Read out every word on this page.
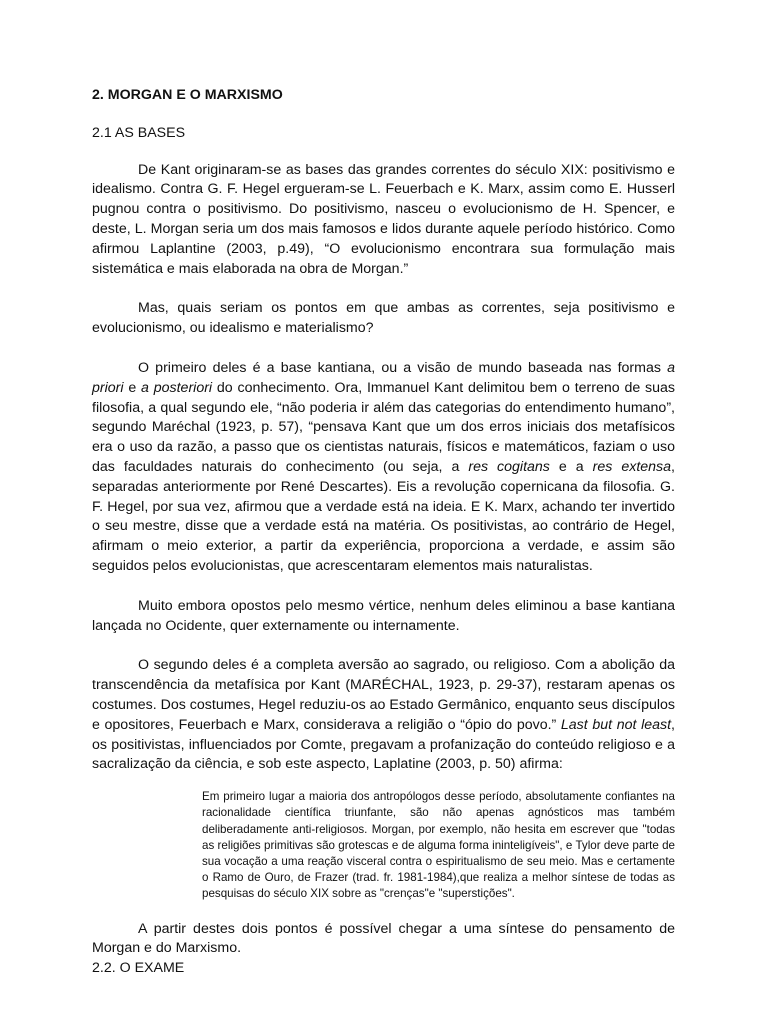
2. MORGAN E O MARXISMO

2.1 AS BASES

De Kant originaram-se as bases das grandes correntes do século XIX: positivismo e idealismo. Contra G. F. Hegel ergueram-se L. Feuerbach e K. Marx, assim como E. Husserl pugnou contra o positivismo. Do positivismo, nasceu o evolucionismo de H. Spencer, e deste, L. Morgan seria um dos mais famosos e lidos durante aquele período histórico. Como afirmou Laplantine (2003, p.49), “O evolucionismo encontrara sua formulação mais sistemática e mais elaborada na obra de Morgan.”

Mas, quais seriam os pontos em que ambas as correntes, seja positivismo e evolucionismo, ou idealismo e materialismo?

O primeiro deles é a base kantiana, ou a visão de mundo baseada nas formas a priori e a posteriori do conhecimento. Ora, Immanuel Kant delimitou bem o terreno de suas filosofia, a qual segundo ele, “não poderia ir além das categorias do entendimento humano”, segundo Maréchal (1923, p. 57), “pensava Kant que um dos erros iniciais dos metafísicos era o uso da razão, a passo que os cientistas naturais, físicos e matemáticos, faziam o uso das faculdades naturais do conhecimento (ou seja, a res cogitans e a res extensa, separadas anteriormente por René Descartes). Eis a revolução copernicana da filosofia. G. F. Hegel, por sua vez, afirmou que a verdade está na ideia. E K. Marx, achando ter invertido o seu mestre, disse que a verdade está na matéria. Os positivistas, ao contrário de Hegel, afirmam o meio exterior, a partir da experiência, proporciona a verdade, e assim são seguidos pelos evolucionistas, que acrescentaram elementos mais naturalistas.

Muito embora opostos pelo mesmo vértice, nenhum deles eliminou a base kantiana lançada no Ocidente, quer externamente ou internamente.

O segundo deles é a completa aversão ao sagrado, ou religioso. Com a abolição da transcendência da metafísica por Kant (MARÉCHAL, 1923, p. 29-37), restaram apenas os costumes. Dos costumes, Hegel reduziu-os ao Estado Germânico, enquanto seus discípulos e opositores, Feuerbach e Marx, considerava a religião o “ópio do povo.” Last but not least, os positivistas, influenciados por Comte, pregavam a profanização do conteúdo religioso e a sacralização da ciência, e sob este aspecto, Laplatine (2003, p. 50) afirma:

Em primeiro lugar a maioria dos antropólogos desse período, absolutamente confiantes na racionalidade científica triunfante, são não apenas agnósticos mas também deliberadamente anti-religiosos. Morgan, por exemplo, não hesita em escrever que "todas as religiões primitivas são grotescas e de alguma forma ininteligíveis", e Tylor deve parte de sua vocação a uma reação visceral contra o espiritualismo de seu meio. Mas e certamente o Ramo de Ouro, de Frazer (trad. fr. 1981-1984),que realiza a melhor síntese de todas as pesquisas do século XIX sobre as "crenças"e "superstições".

A partir destes dois pontos é possível chegar a uma síntese do pensamento de Morgan e do Marxismo.

2.2. O EXAME
